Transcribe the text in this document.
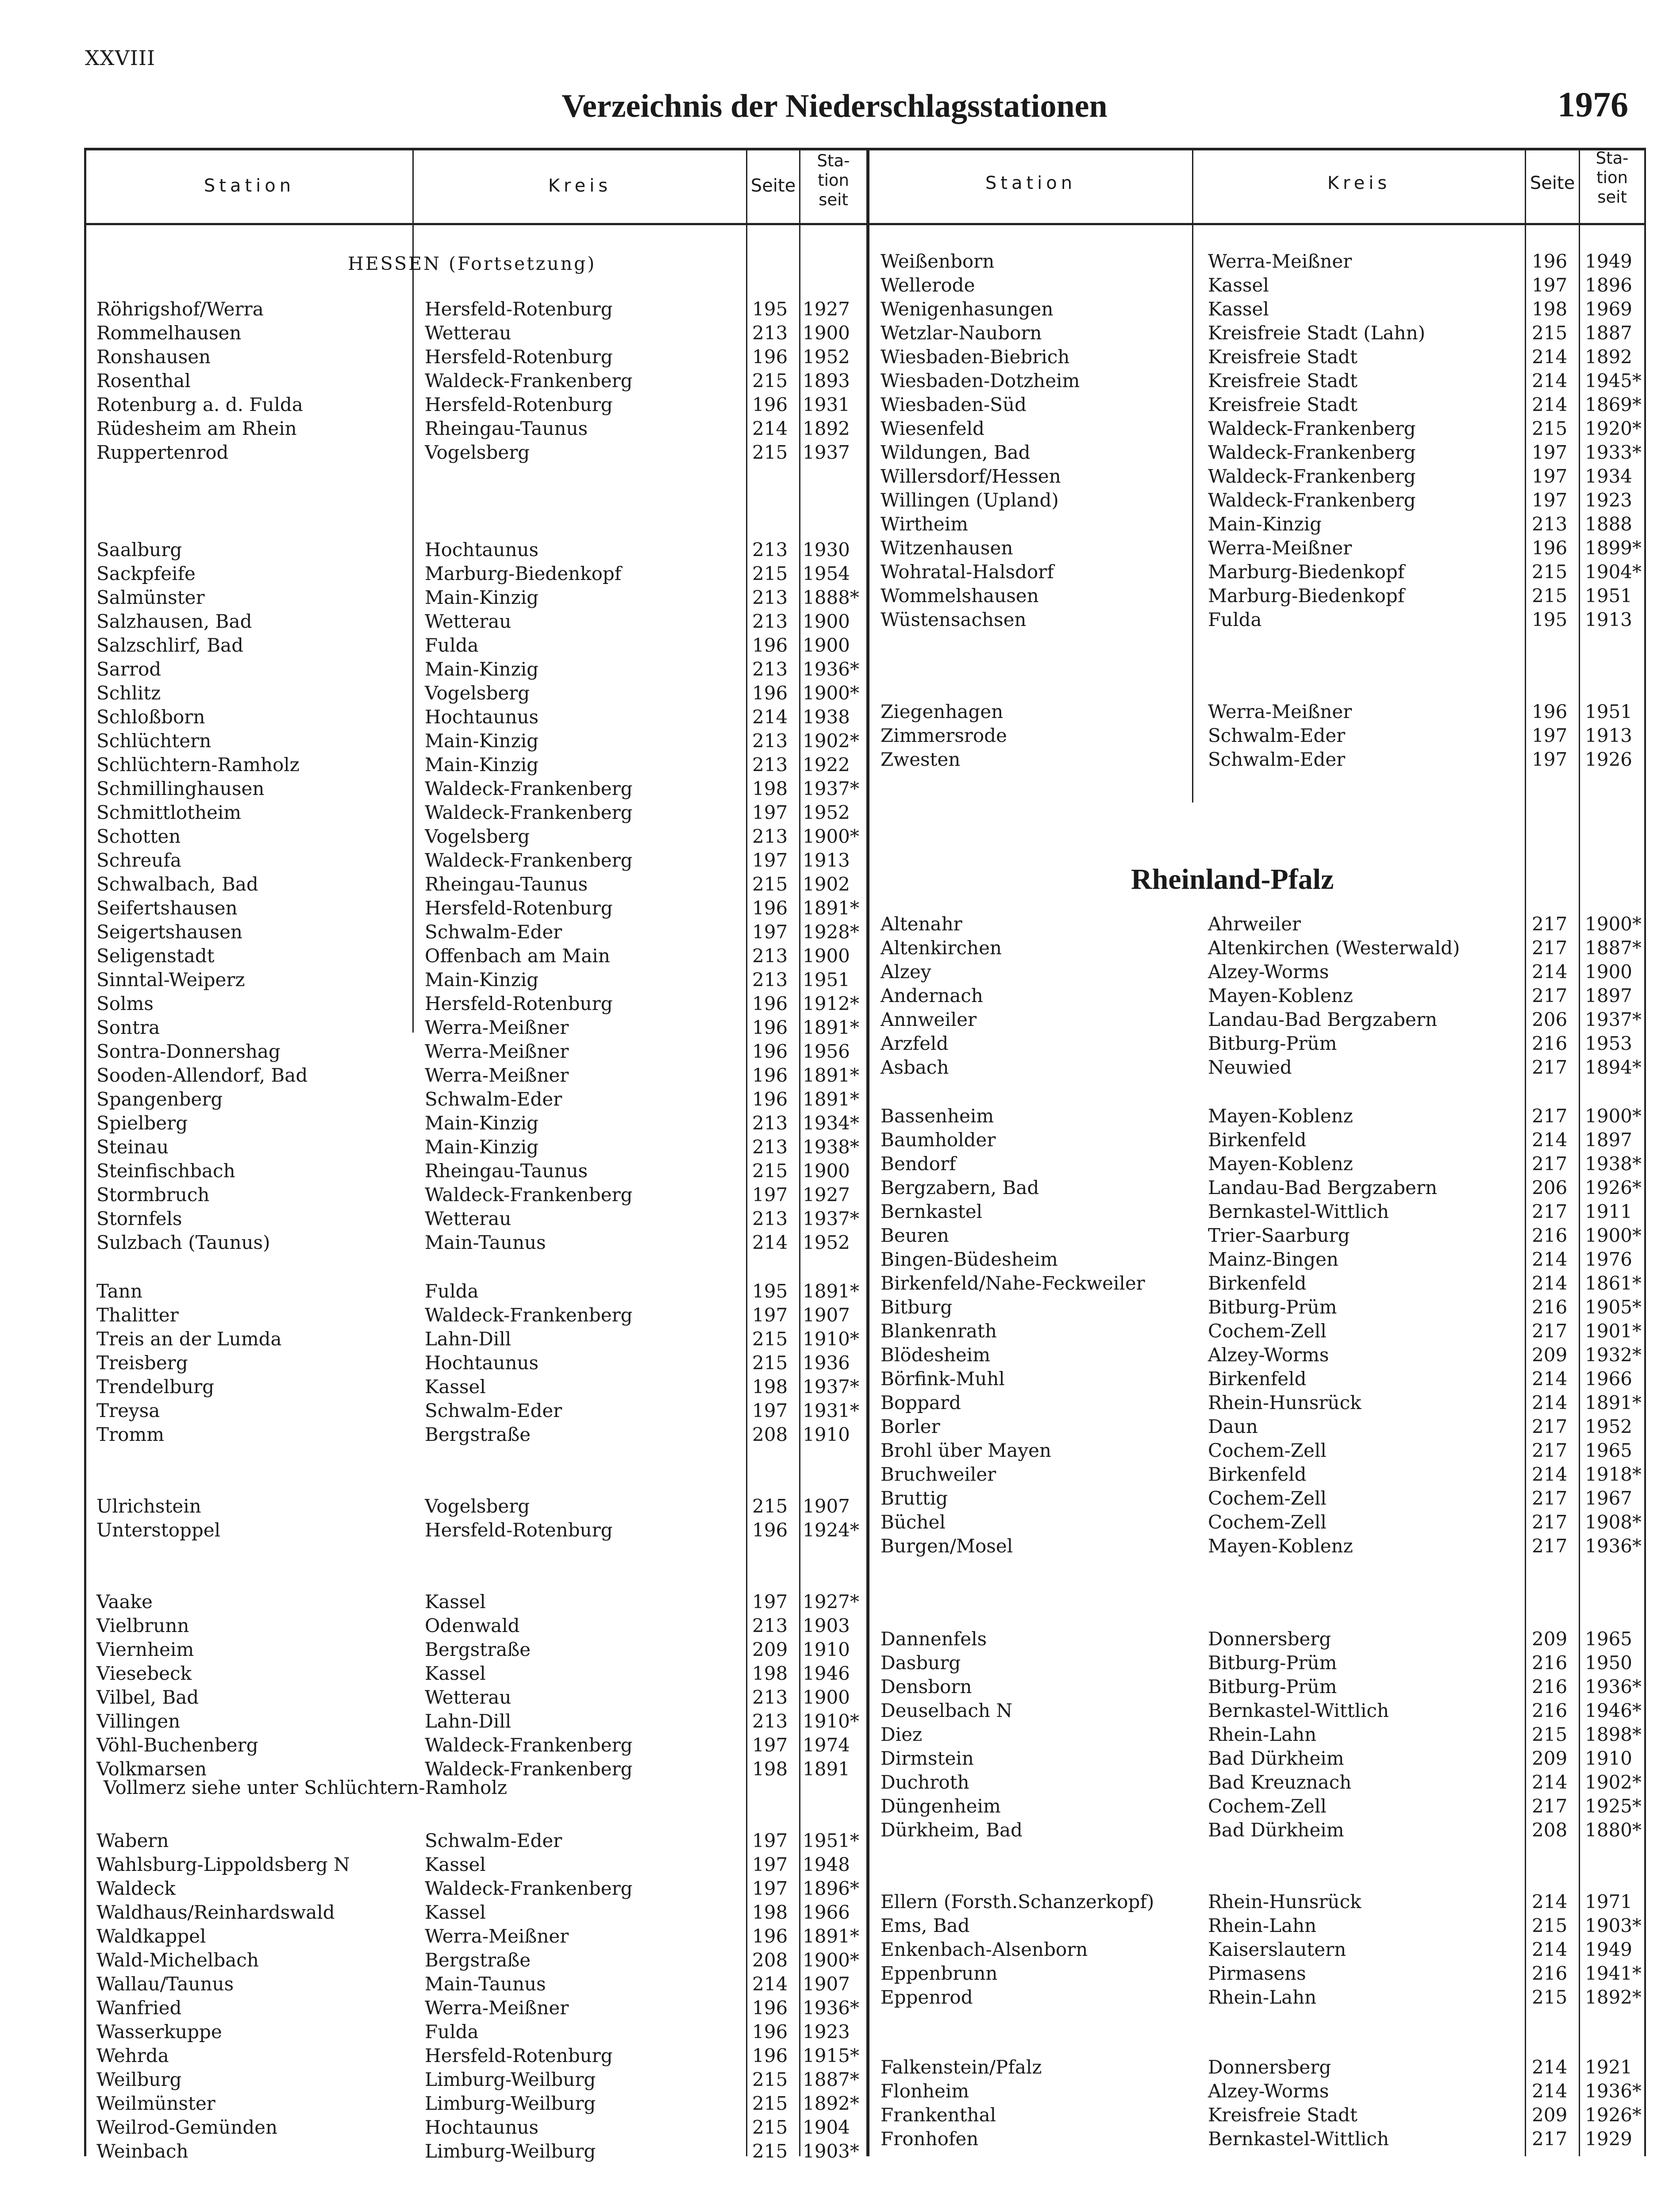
XXVIII
Verzeichnis der Niederschlagsstationen	1976
Station	Kreis	Seite
Sta-
tion
seit
Station	Kreis	Seite
Sta-
tion
seit
HESSEN (Fortsetzung)
Rheinland-Pfalz
Vollmerz siehe unter Schlüchtern-Ramholz
Röhrigshof/Werra	Hersfeld-Rotenburg	195 1927
Rommelhausen	Wetterau	213 1900
Ronshausen	Hersfeld-Rotenburg	196 1952
Rosenthal	Waldeck-Frankenberg	215 1893
Rotenburg a. d. Fulda	Hersfeld-Rotenburg	196 1931
Rüdesheim am Rhein	Rheingau-Taunus	214 1892
Ruppertenrod	Vogelsberg	215 1937
Saalburg	Hochtaunus	213 1930
Sackpfeife	Marburg-Biedenkopf	215 1954
Salmünster	Main-Kinzig	213 1888*
Salzhausen, Bad	Wetterau	213 1900
Salzschlirf, Bad	Fulda	196 1900
Sarrod	Main-Kinzig	213 1936*
Schlitz	Vogelsberg	196 1900*
Schloßborn	Hochtaunus	214 1938
Schlüchtern	Main-Kinzig	213 1902*
Schlüchtern-Ramholz	Main-Kinzig	213 1922
Schmillinghausen	Waldeck-Frankenberg	198 1937*
Schmittlotheim	Waldeck-Frankenberg	197 1952
Schotten	Vogelsberg	213 1900*
Schreufa	Waldeck-Frankenberg	197 1913
Schwalbach, Bad	Rheingau-Taunus	215 1902
Seifertshausen	Hersfeld-Rotenburg	196 1891*
Seigertshausen	Schwalm-Eder	197 1928*
Seligenstadt	Offenbach am Main	213 1900
Sinntal-Weiperz	Main-Kinzig	213 1951
Solms	Hersfeld-Rotenburg	196 1912*
Sontra	Werra-Meißner	196 1891*
Sontra-Donnershag	Werra-Meißner	196 1956
Sooden-Allendorf, Bad	Werra-Meißner	196 1891*
Spangenberg	Schwalm-Eder	196 1891*
Spielberg	Main-Kinzig	213 1934*
Steinau	Main-Kinzig	213 1938*
Steinfischbach	Rheingau-Taunus	215 1900
Stormbruch	Waldeck-Frankenberg	197 1927
Stornfels	Wetterau	213 1937*
Sulzbach (Taunus)	Main-Taunus	214 1952
Tann	Fulda	195 1891*
Thalitter	Waldeck-Frankenberg	197 1907
Treis an der Lumda	Lahn-Dill	215 1910*
Treisberg	Hochtaunus	215 1936
Trendelburg	Kassel	198 1937*
Treysa	Schwalm-Eder	197 1931*
Tromm	Bergstraße	208 1910
Ulrichstein	Vogelsberg	215 1907
Unterstoppel	Hersfeld-Rotenburg	196 1924*
Vaake	Kassel	197 1927*
Vielbrunn	Odenwald	213 1903
Viernheim	Bergstraße	209 1910
Viesebeck	Kassel	198 1946
Vilbel, Bad	Wetterau	213 1900
Villingen	Lahn-Dill	213 1910*
Vöhl-Buchenberg	Waldeck-Frankenberg	197 1974
Volkmarsen	Waldeck-Frankenberg	198 1891
Wabern	Schwalm-Eder	197 1951*
Wahlsburg-Lippoldsberg N	Kassel	197 1948
Waldeck	Waldeck-Frankenberg	197 1896*
Waldhaus/Reinhardswald	Kassel	198 1966
Waldkappel	Werra-Meißner	196 1891*
Wald-Michelbach	Bergstraße	208 1900*
Wallau/Taunus	Main-Taunus	214 1907
Wanfried	Werra-Meißner	196 1936*
Wasserkuppe	Fulda	196 1923
Wehrda	Hersfeld-Rotenburg	196 1915*
Weilburg	Limburg-Weilburg	215 1887*
Weilmünster	Limburg-Weilburg	215 1892*
Weilrod-Gemünden	Hochtaunus	215 1904
Weinbach	Limburg-Weilburg	215 1903*
Weißenborn	Werra-Meißner	196 1949
Wellerode	Kassel	197 1896
Wenigenhasungen	Kassel	198 1969
Wetzlar-Nauborn	Kreisfreie Stadt (Lahn)	215 1887
Wiesbaden-Biebrich	Kreisfreie Stadt	214 1892
Wiesbaden-Dotzheim	Kreisfreie Stadt	214 1945*
Wiesbaden-Süd	Kreisfreie Stadt	214 1869*
Wiesenfeld	Waldeck-Frankenberg	215 1920*
Wildungen, Bad	Waldeck-Frankenberg	197 1933*
Willersdorf/Hessen	Waldeck-Frankenberg	197 1934
Willingen (Upland)	Waldeck-Frankenberg	197 1923
Wirtheim	Main-Kinzig	213 1888
Witzenhausen	Werra-Meißner	196 1899*
Wohratal-Halsdorf	Marburg-Biedenkopf	215 1904*
Wommelshausen	Marburg-Biedenkopf	215 1951
Wüstensachsen	Fulda	195 1913
Ziegenhagen	Werra-Meißner	196 1951
Zimmersrode	Schwalm-Eder	197 1913
Zwesten	Schwalm-Eder	197 1926
Altenahr	Ahrweiler	217 1900*
Altenkirchen	Altenkirchen (Westerwald)	217 1887*
Alzey	Alzey-Worms	214 1900
Andernach	Mayen-Koblenz	217 1897
Annweiler	Landau-Bad Bergzabern	206 1937*
Arzfeld	Bitburg-Prüm	216 1953
Asbach	Neuwied	217 1894*
Bassenheim	Mayen-Koblenz	217 1900*
Baumholder	Birkenfeld	214 1897
Bendorf	Mayen-Koblenz	217 1938*
Bergzabern, Bad	Landau-Bad Bergzabern	206 1926*
Bernkastel	Bernkastel-Wittlich	217 1911
Beuren	Trier-Saarburg	216 1900*
Bingen-Büdesheim	Mainz-Bingen	214 1976
Birkenfeld/Nahe-Feckweiler	Birkenfeld	214 1861*
Bitburg	Bitburg-Prüm	216 1905*
Blankenrath	Cochem-Zell	217 1901*
Blödesheim	Alzey-Worms	209 1932*
Börfink-Muhl	Birkenfeld	214 1966
Boppard	Rhein-Hunsrück	214 1891*
Borler	Daun	217 1952
Brohl über Mayen	Cochem-Zell	217 1965
Bruchweiler	Birkenfeld	214 1918*
Bruttig	Cochem-Zell	217 1967
Büchel	Cochem-Zell	217 1908*
Burgen/Mosel	Mayen-Koblenz	217 1936*
Dannenfels	Donnersberg	209 1965
Dasburg	Bitburg-Prüm	216 1950
Densborn	Bitburg-Prüm	216 1936*
Deuselbach N	Bernkastel-Wittlich	216 1946*
Diez	Rhein-Lahn	215 1898*
Dirmstein	Bad Dürkheim	209 1910
Duchroth	Bad Kreuznach	214 1902*
Düngenheim	Cochem-Zell	217 1925*
Dürkheim, Bad	Bad Dürkheim	208 1880*
Ellern (Forsth.Schanzerkopf)	Rhein-Hunsrück	214 1971
Ems, Bad	Rhein-Lahn	215 1903*
Enkenbach-Alsenborn	Kaiserslautern	214 1949
Eppenbrunn	Pirmasens	216 1941*
Eppenrod	Rhein-Lahn	215 1892*
Falkenstein/Pfalz	Donnersberg	214 1921
Flonheim	Alzey-Worms	214 1936*
Frankenthal	Kreisfreie Stadt	209 1926*
Fronhofen	Bernkastel-Wittlich	217 1929
